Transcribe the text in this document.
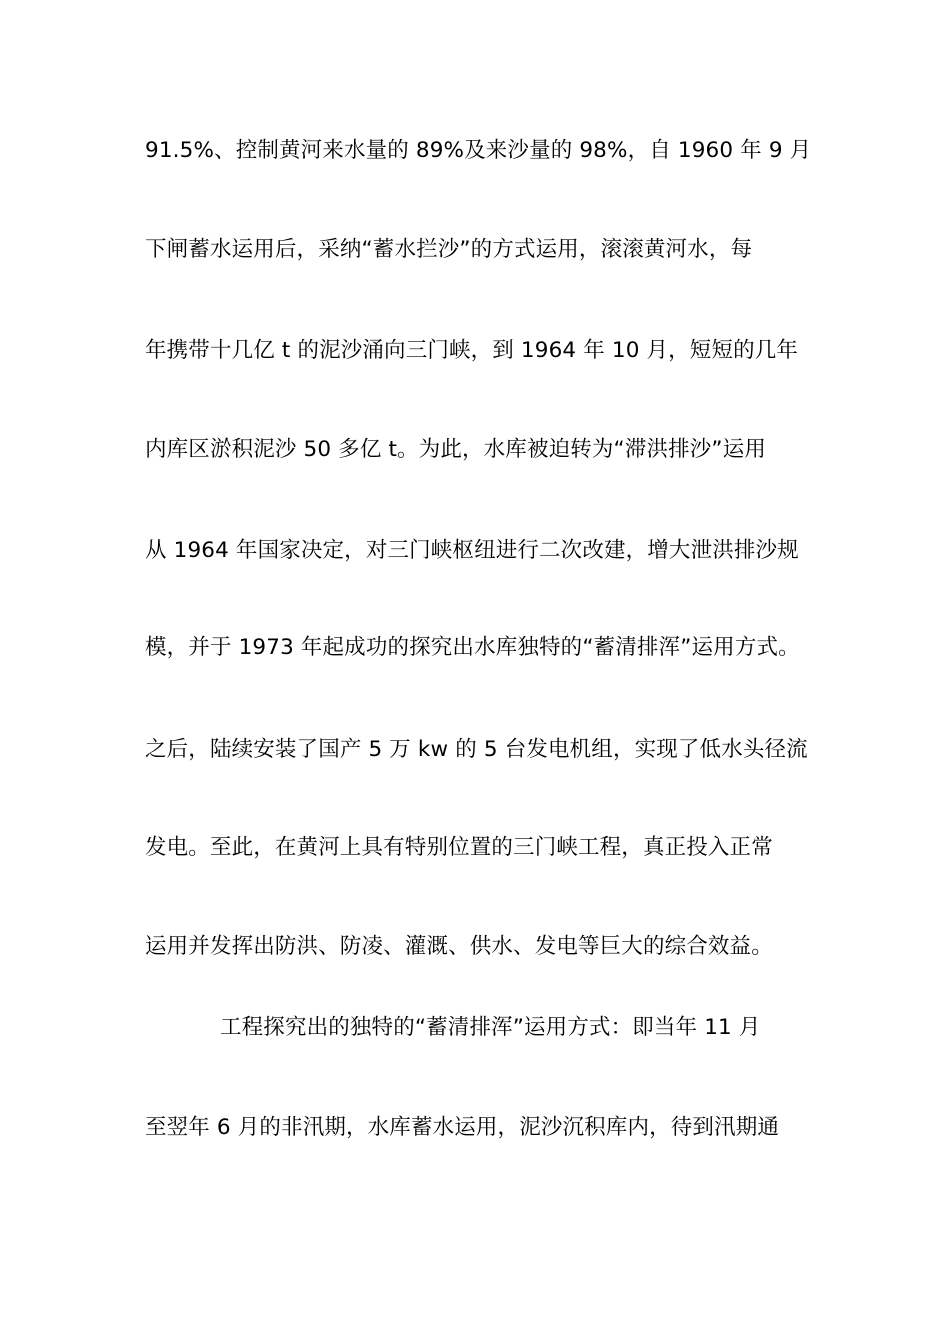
91.5%、控制黄河来水量的 89%及来沙量的 98%，自 1960 年 9 月
下闸蓄水运用后，采纳“蓄水拦沙”的方式运用，滚滚黄河水，每
年携带十几亿 t 的泥沙涌向三门峡，到 1964 年 10 月，短短的几年
内库区淤积泥沙 50 多亿 t。为此，水库被迫转为“滞洪排沙”运用
从 1964 年国家决定，对三门峡枢纽进行二次改建，增大泄洪排沙规
模，并于 1973 年起成功的探究出水库独特的“蓄清排浑”运用方式。
之后，陆续安装了国产 5 万 kw 的 5 台发电机组，实现了低水头径流
发电。至此，在黄河上具有特别位置的三门峡工程，真正投入正常
运用并发挥出防洪、防凌、灌溉、供水、发电等巨大的综合效益。
工程探究出的独特的“蓄清排浑”运用方式：即当年 11 月
至翌年 6 月的非汛期，水库蓄水运用，泥沙沉积库内，待到汛期通
